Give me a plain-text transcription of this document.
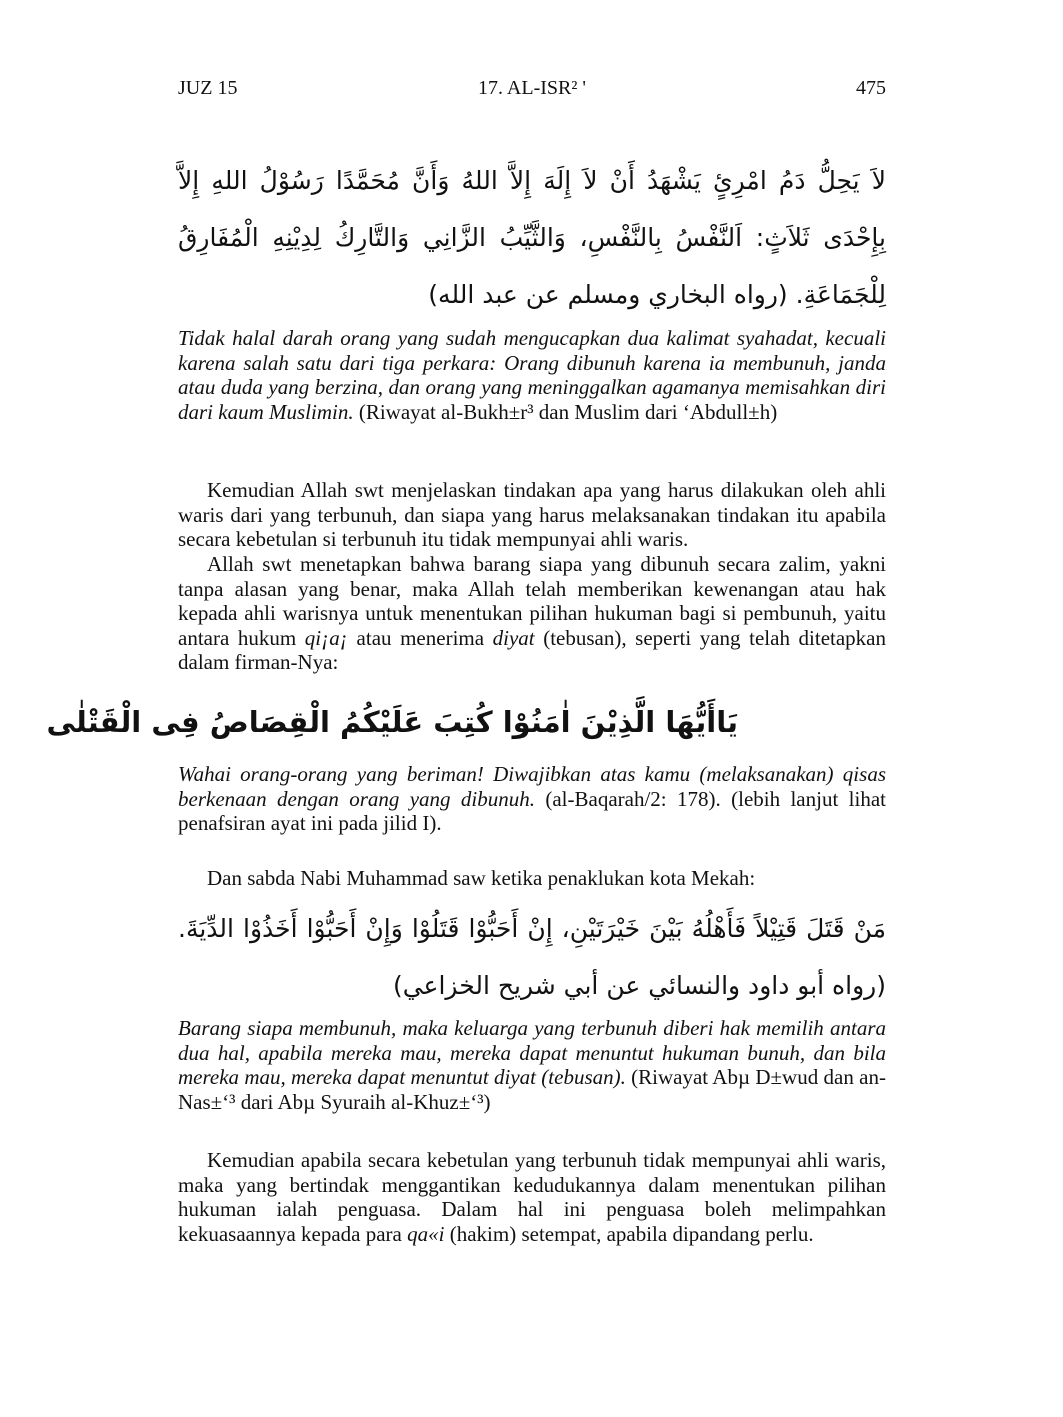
JUZ 15	17. AL-ISR² '	475
لاَ يَحِلُّ دَمُ امْرِئٍ يَشْهَدُ أَنْ لاَ إِلَهَ إِلاَّ اللهُ وَأَنَّ مُحَمَّدًا رَسُوْلُ اللهِ إِلاَّ بِإِحْدَى ثَلاَثٍ: اَلنَّفْسُ بِالنَّفْسِ، وَالثَّيِّبُ الزَّانِي وَالتَّارِكُ لِدِيْنِهِ الْمُفَارِقُ لِلْجَمَاعَةِ. (رواه البخاري ومسلم عن عبد الله)

Tidak halal darah orang yang sudah mengucapkan dua kalimat syahadat, kecuali karena salah satu dari tiga perkara: Orang dibunuh karena ia membunuh, janda atau duda yang berzina, dan orang yang meninggalkan agamanya memisahkan diri dari kaum Muslimin. (Riwayat al-Bukh±r³ dan Muslim dari ‘Abdull±h)

Kemudian Allah swt menjelaskan tindakan apa yang harus dilakukan oleh ahli waris dari yang terbunuh, dan siapa yang harus melaksanakan tindakan itu apabila secara kebetulan si terbunuh itu tidak mempunyai ahli waris.

Allah swt menetapkan bahwa barang siapa yang dibunuh secara zalim, yakni tanpa alasan yang benar, maka Allah telah memberikan kewenangan atau hak kepada ahli warisnya untuk menentukan pilihan hukuman bagi si pembunuh, yaitu antara hukum qi¡a¡ atau menerima diyat (tebusan), seperti yang telah ditetapkan dalam firman-Nya:

يَاأَيُّهَا الَّذِيْنَ اٰمَنُوْا كُتِبَ عَلَيْكُمُ الْقِصَاصُ فِى الْقَتْلٰى

Wahai orang-orang yang beriman! Diwajibkan atas kamu (melaksanakan) qisas berkenaan dengan orang yang dibunuh. (al-Baqarah/2: 178). (lebih lanjut lihat penafsiran ayat ini pada jilid I).

Dan sabda Nabi Muhammad saw ketika penaklukan kota Mekah:

مَنْ قَتَلَ قَتِيْلاً فَأَهْلُهُ بَيْنَ خَيْرَتَيْنِ، إِنْ أَحَبُّوْا قَتَلُوْا وَإِنْ أَحَبُّوْا أَخَذُوْا الدِّيَةَ. (رواه أبو داود والنسائي عن أبي شريح الخزاعي)

Barang siapa membunuh, maka keluarga yang terbunuh diberi hak memilih antara dua hal, apabila mereka mau, mereka dapat menuntut hukuman bunuh, dan bila mereka mau, mereka dapat menuntut diyat (tebusan). (Riwayat Abµ D±wud dan an-Nas±‘³ dari Abµ Syuraih al-Khuz±‘³)

Kemudian apabila secara kebetulan yang terbunuh tidak mempunyai ahli waris, maka yang bertindak menggantikan kedudukannya dalam menentukan pilihan hukuman ialah penguasa. Dalam hal ini penguasa boleh melimpahkan kekuasaannya kepada para qa«i (hakim) setempat, apabila dipandang perlu.
